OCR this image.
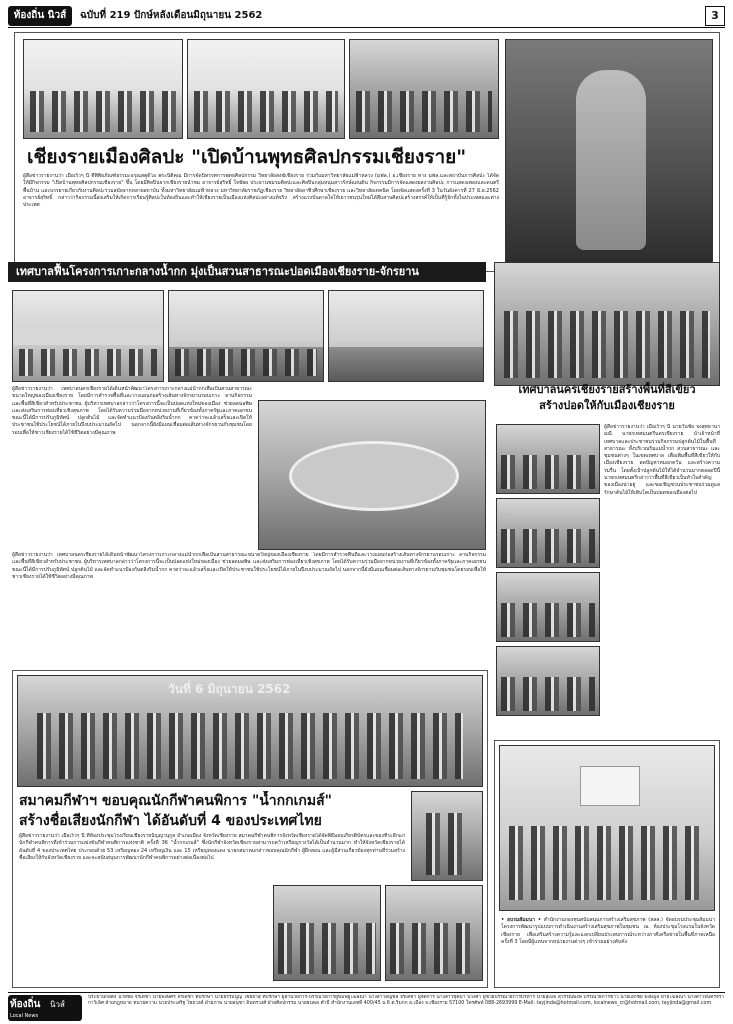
ท้องถิ่น นิวส์	ฉบับที่ 219 ปักษ์หลังเดือนมิถุนายน 2562	3
เชียงรายเมืองศิลปะ "เปิดบ้านพุทธศิลปกรรมเชียงราย"
ผู้สื่อข่าวรายงานว่า เมื่อเร็วๆ นี้ ที่พิพิธภัณฑ์ธรรมะอรุณสตูดิโอ พระนิติคุณ มีการจัดนิทรรศการพุทธศิลปกรรม วิทยาลัยสงฆ์เชียงราย ร่วมกับมหาวิทยาลัยแม่ฟ้าหลวง (มฟล.) อ.เชียงราย ทาง มฟล.และสถาบันการศิลปะ ได้จัดให้มีกิจกรรม "เปิดบ้านพุทธศิลปกรรมเชียงราย" ขึ้น โดยมีศิลปินจากเชียงรายนำชม อาจารย์สุริทธิ์ ใจชัยผ ประธานชมรมศิลปะและศิลปินกลุ่มหนุ่มสาวรักษ์แผ่นดิน กิจกรรมมีการจัดแสดงผลงานศิลปะ การแสดงเพลงและดนตรีพื้นบ้าน และบรรยายเกี่ยวกับงานศิลปะร่วมสมัยจากหลายสถาบัน ทั้งมหาวิทยาลัยแม่ฟ้าหลวง มหาวิทยาลัยราชภัฏเชียงราย วิทยาลัยอาชีวศึกษาเชียงราย และวิทยาลัยเทคนิค โดยจัดแสดงครั้งที่ 3 ในวันอังคารที่ 27 มิ.ย.2562 อาจารย์สุริทธิ์ กล่าวว่ากิจกรรมนี้ส่งเสริมให้เกิดการเรียนรู้ศิลปะในท้องถิ่นและทำให้เชียงรายเป็นเมืองแห่งศิลปะอย่างแท้จริง สร้างแรงบันดาลใจให้เยาวชนรุ่นใหม่ได้สืบสานศิลปะสร้างสรรค์ให้เป็นที่รู้จักทั้งในประเทศและต่างประเทศ
เทศบาลฟื้นโครงการเกาะกลางน้ำกก มุ่งเป็นสวนสาธารณะปอดเมืองเชียงราย-จักรยาน
ผู้สื่อข่าวรายงานว่า เทศบาลนครเชียงรายได้เดินหน้าพัฒนาโครงการเกาะกลางแม่น้ำกกเพื่อเป็นสวนสาธารณะขนาดใหญ่ของเมืองเชียงราย โดยมีการสำรวจพื้นที่และวางแผนก่อสร้างเส้นทางจักรยานรอบเกาะ ลานกิจกรรม และพื้นที่สีเขียวสำหรับประชาชน ผู้บริหารเทศบาลกล่าวว่าโครงการนี้จะเป็นปอดแห่งใหม่ของเมือง ช่วยลดมลพิษ และส่งเสริมการท่องเที่ยวเชิงสุขภาพ โดยได้รับความร่วมมือจากหน่วยงานที่เกี่ยวข้องทั้งภาครัฐและภาคเอกชน ขณะนี้ได้มีการปรับภูมิทัศน์ ปลูกต้นไม้ และจัดทำแนวป้องกันตลิ่งริมน้ำกก คาดว่าจะแล้วเสร็จและเปิดให้ประชาชนใช้ประโยชน์ได้ภายในปีงบประมาณถัดไป นอกจากนี้ยังมีแผนเชื่อมต่อเส้นทางจักรยานกับชุมชนโดยรอบเพื่อให้ชาวเชียงรายได้ใช้ชีวิตอย่างมีคุณภาพ
ผู้สื่อข่าวรายงานว่า เทศบาลนครเชียงรายได้เดินหน้าพัฒนาโครงการเกาะกลางแม่น้ำกกเพื่อเป็นสวนสาธารณะขนาดใหญ่ของเมืองเชียงราย โดยมีการสำรวจพื้นที่และวางแผนก่อสร้างเส้นทางจักรยานรอบเกาะ ลานกิจกรรม และพื้นที่สีเขียวสำหรับประชาชน ผู้บริหารเทศบาลกล่าวว่าโครงการนี้จะเป็นปอดแห่งใหม่ของเมือง ช่วยลดมลพิษ และส่งเสริมการท่องเที่ยวเชิงสุขภาพ โดยได้รับความร่วมมือจากหน่วยงานที่เกี่ยวข้องทั้งภาครัฐและภาคเอกชน ขณะนี้ได้มีการปรับภูมิทัศน์ ปลูกต้นไม้ และจัดทำแนวป้องกันตลิ่งริมน้ำกก คาดว่าจะแล้วเสร็จและเปิดให้ประชาชนใช้ประโยชน์ได้ภายในปีงบประมาณถัดไป นอกจากนี้ยังมีแผนเชื่อมต่อเส้นทางจักรยานกับชุมชนโดยรอบเพื่อให้ชาวเชียงรายได้ใช้ชีวิตอย่างมีคุณภาพ
เทศบาลนครเชียงรายสร้างพื้นที่สีเขียว
สร้างปอดให้กับเมืองเชียงราย
ผู้สื่อข่าวรายงานว่า เมื่อเร็วๆ นี้ นายวันชัย จงสุทธานามณี นายกเทศมนตรีนครเชียงราย นำเจ้าหน้าที่เทศบาลและประชาชนร่วมกิจกรรมปลูกต้นไม้ในพื้นที่สาธารณะ ทั้งบริเวณริมแม่น้ำกก สวนสาธารณะ และชุมชนต่างๆ ในเขตเทศบาล เพื่อเพิ่มพื้นที่สีเขียวให้กับเมืองเชียงราย ลดปัญหาหมอกควัน และสร้างความร่มรื่น โดยตั้งเป้าปลูกต้นไม้ให้ได้จำนวนมากตลอดปีนี้ นายกเทศมนตรีกล่าวว่าพื้นที่สีเขียวเป็นหัวใจสำคัญของเมืองน่าอยู่ และขอเชิญชวนประชาชนร่วมดูแลรักษาต้นไม้ให้เติบโตเป็นปอดของเมืองต่อไป
วันที่ 6 มิถุนายน 2562
สมาคมกีฬาฯ ขอบคุณนักกีฬาคนพิการ "น้ำกกเกมส์"
สร้างชื่อเสียงนักกีฬา ได้อันดับที่ 4 ของประเทศไทย
ผู้สื่อข่าวรายงานว่า เมื่อเร็วๆ นี้ ที่ห้องประชุมโรงเรียนเชียงรายปัญญานุกูล อำเภอเมือง จังหวัดเชียงราย สมาคมกีฬาคนพิการจังหวัดเชียงรายได้จัดพิธีมอบเกียรติบัตรและของที่ระลึกแก่นักกีฬาคนพิการที่เข้าร่วมการแข่งขันกีฬาคนพิการแห่งชาติ ครั้งที่ 36 "น้ำกกเกมส์" ซึ่งนักกีฬาจังหวัดเชียงรายสามารถคว้าเหรียญรางวัลได้เป็นจำนวนมาก ทำให้จังหวัดเชียงรายได้อันดับที่ 4 ของประเทศไทย ประกอบด้วย 53 เหรียญทอง 24 เหรียญเงิน และ 15 เหรียญทองแดง นายกสมาคมกล่าวขอบคุณนักกีฬา ผู้ฝึกสอน และผู้มีส่วนเกี่ยวข้องทุกท่านที่ร่วมสร้างชื่อเสียงให้กับจังหวัดเชียงราย และจะสนับสนุนการพัฒนานักกีฬาคนพิการอย่างต่อเนื่องต่อไป
• อบรมสัมมนา • สำนักงานกองทุนสนับสนุนการสร้างเสริมสุขภาพ (สสส.) จัดอบรมประชุมสัมมนาโครงการพัฒนารูปแบบการดำเนินงานสร้างเสริมสุขภาพในชุมชน ณ ห้องประชุมโรงแรมในจังหวัดเชียงราย เพื่อเสริมสร้างความรู้และแลกเปลี่ยนประสบการณ์ระหว่างภาคีเครือข่ายในพื้นที่ภาคเหนือ ครั้งที่ 3 โดยมีผู้แทนจากหน่วยงานต่างๆ เข้าร่วมอย่างคับคั่ง
ท้องถิ่น	นิวส์
Local News
ประธานก่อตั้ง นายชื่อ จิรเดชา นายพงษ์ศรี จิรเดชา ที่ปรึกษา นายธรรมนูญ ไชยยาสุ ที่ปรึกษา ผู้อำนวยการ-บรรณาธิการผู้พิมพ์ผู้โฆษณา นางสาวอัญชลี จิรเดชา ผู้จัดการ นางสาวชุติมา ปวงคำ ผู้ช่วยบรรณาธิการบริหาร นายสุเมธ สุวรรณพงษ์ บรรณาธิการข่าว นายเอกชัย พงษ์มูล ฝ่ายโฆษณา นางสาวจันทร์จิรา กาวิเลิศ ฝ่ายกฎหมาย ทนายความ นายประเสริฐ ไชยวงค์ ฝ่ายภาพ นายอนุชา อินทรวงศ์ ฝ่ายศิลปกรรม นายธนพล คำมี สำนักงานเลขที่ 400/45 ม.6 ต.ริมกก อ.เมือง จ.เชียงราย 57100 โทรศัพท์ 088-2693999 E-Mail: tayjinda@hotmail.com, localnews_cr@hotmail.com, tayjinda@gmail.com
